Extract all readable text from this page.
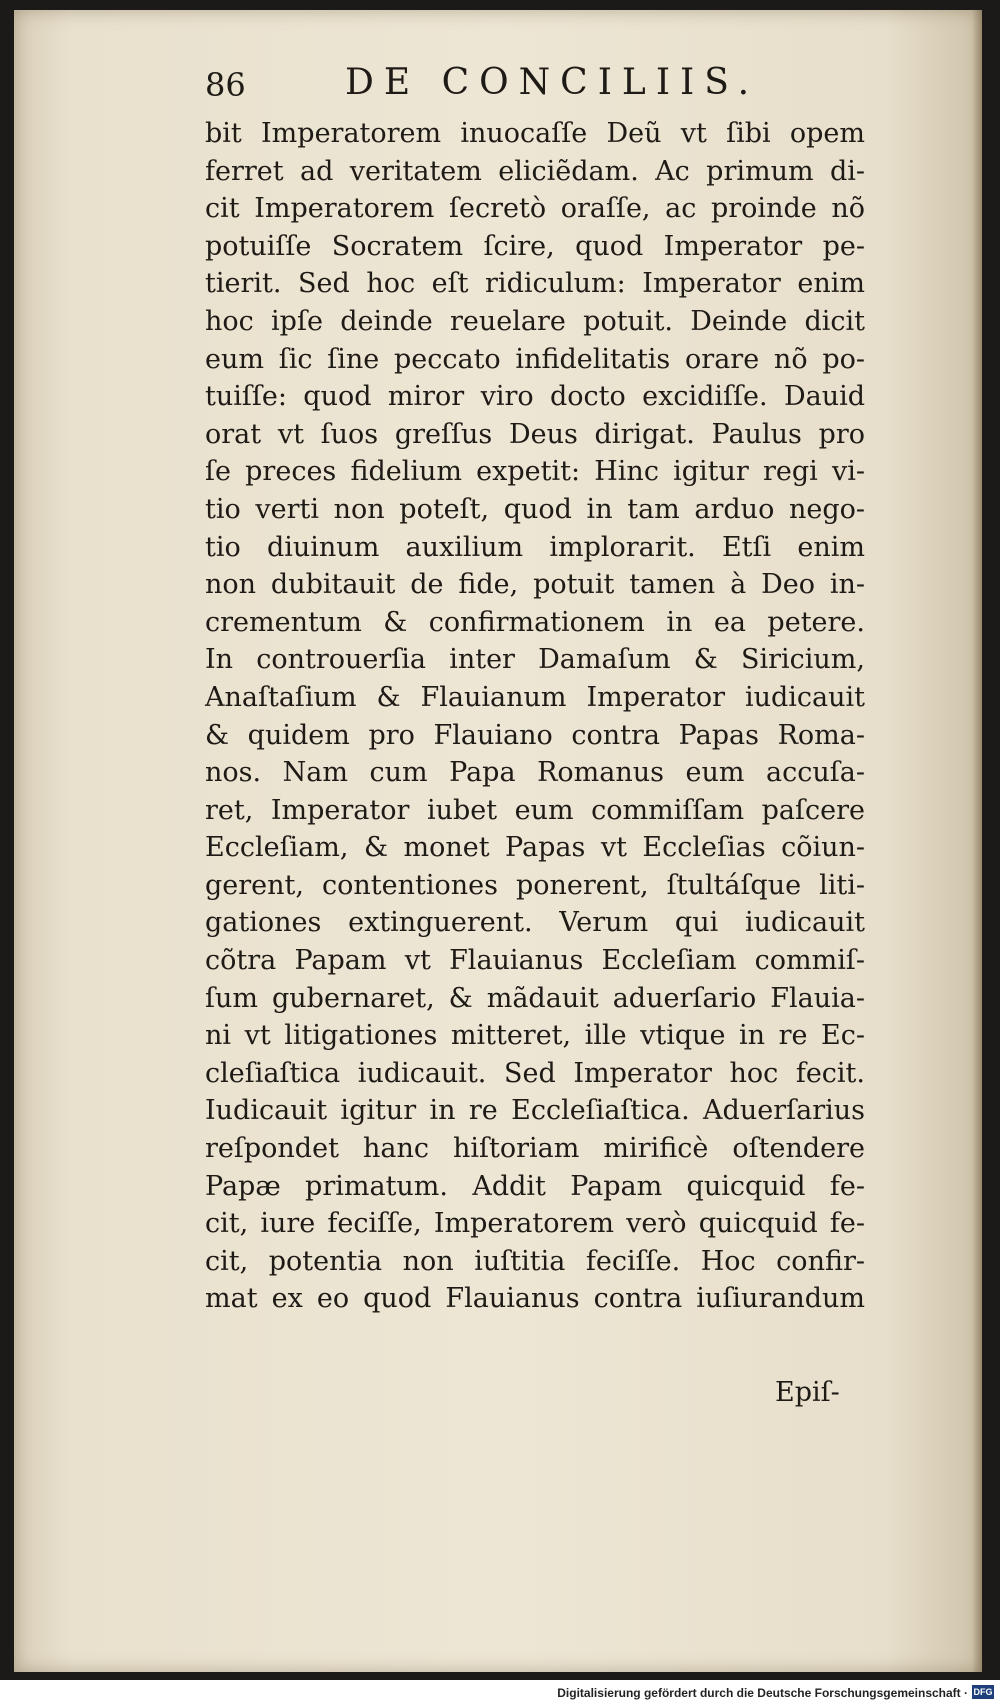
86	DE CONCILIIS.
bit Imperatorem inuocaſſe Deũ vt ſibi opem
ferret ad veritatem eliciẽdam. Ac primum di-
cit Imperatorem ſecretò oraſſe, ac proinde nõ
potuiſſe Socratem ſcire, quod Imperator pe-
tierit. Sed hoc eſt ridiculum: Imperator enim
hoc ipſe deinde reuelare potuit. Deinde dicit
eum ſic ſine peccato infidelitatis orare nõ po-
tuiſſe: quod miror viro docto excidiſſe. Dauid
orat vt ſuos greſſus Deus dirigat. Paulus pro
ſe preces fidelium expetit: Hinc igitur regi vi-
tio verti non poteſt, quod in tam arduo nego-
tio diuinum auxilium implorarit. Etſi enim
non dubitauit de fide, potuit tamen à Deo in-
crementum & confirmationem in ea petere.
In controuerſia inter Damaſum & Siricium,
Anaſtaſium & Flauianum Imperator iudicauit
& quidem pro Flauiano contra Papas Roma-
nos. Nam cum Papa Romanus eum accuſa-
ret, Imperator iubet eum commiſſam paſcere
Eccleſiam, & monet Papas vt Eccleſias cõiun-
gerent, contentiones ponerent, ſtultáſque liti-
gationes extinguerent. Verum qui iudicauit
cõtra Papam vt Flauianus Eccleſiam commiſ-
ſum gubernaret, & mãdauit aduerſario Flauia-
ni vt litigationes mitteret, ille vtique in re Ec-
cleſiaſtica iudicauit. Sed Imperator hoc fecit.
Iudicauit igitur in re Eccleſiaſtica. Aduerſarius
reſpondet hanc hiſtoriam mirificè oſtendere
Papæ primatum. Addit Papam quicquid fe-
cit, iure feciſſe, Imperatorem verò quicquid fe-
cit, potentia non iuſtitia feciſſe. Hoc confir-
mat ex eo quod Flauianus contra iuſiurandum
Epiſ-
Digitalisierung gefördert durch die Deutsche Forschungsgemeinschaft · DFG
